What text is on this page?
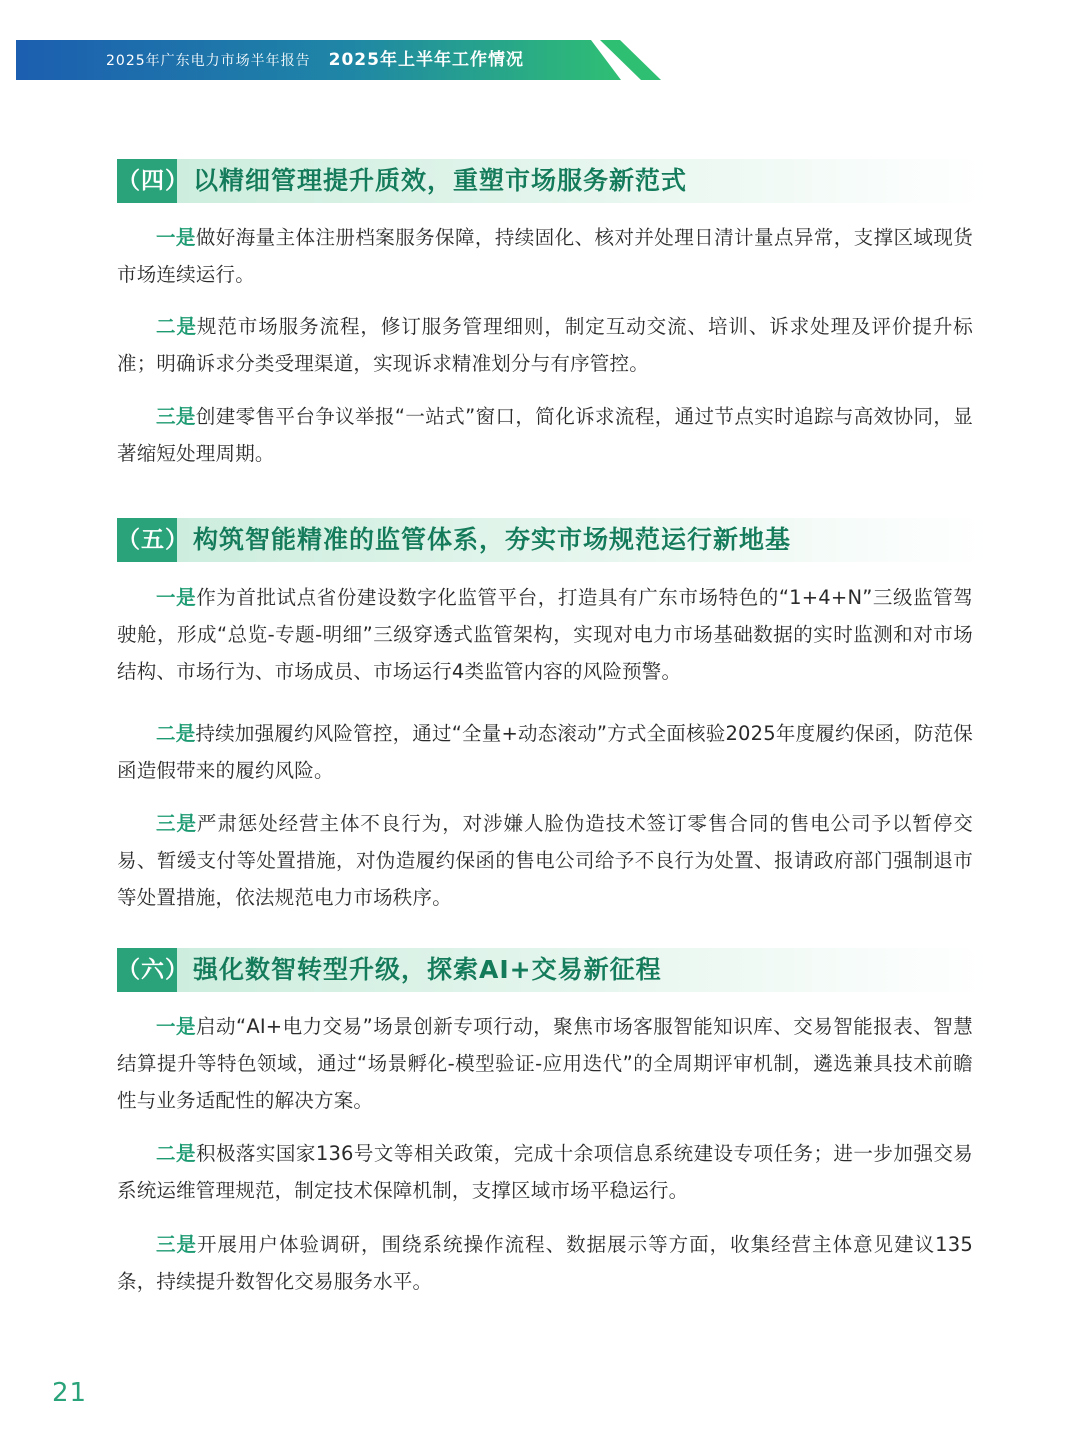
2025年广东电力市场半年报告 2025年上半年工作情况
（四） 以精细管理提升质效，重塑市场服务新范式

一是做好海量主体注册档案服务保障，持续固化、核对并处理日清计量点异常，支撑区域现货市场连续运行。

二是规范市场服务流程，修订服务管理细则，制定互动交流、培训、诉求处理及评价提升标准；明确诉求分类受理渠道，实现诉求精准划分与有序管控。

三是创建零售平台争议举报“一站式”窗口，简化诉求流程，通过节点实时追踪与高效协同，显著缩短处理周期。

（五） 构筑智能精准的监管体系，夯实市场规范运行新地基

一是作为首批试点省份建设数字化监管平台，打造具有广东市场特色的“1+4+N”三级监管驾驶舱，形成“总览-专题-明细”三级穿透式监管架构，实现对电力市场基础数据的实时监测和对市场结构、市场行为、市场成员、市场运行4类监管内容的风险预警。

二是持续加强履约风险管控，通过“全量+动态滚动”方式全面核验2025年度履约保函，防范保函造假带来的履约风险。

三是严肃惩处经营主体不良行为，对涉嫌人脸伪造技术签订零售合同的售电公司予以暂停交易、暂缓支付等处置措施，对伪造履约保函的售电公司给予不良行为处置、报请政府部门强制退市等处置措施，依法规范电力市场秩序。

（六） 强化数智转型升级，探索AI+交易新征程

一是启动“AI+电力交易”场景创新专项行动，聚焦市场客服智能知识库、交易智能报表、智慧结算提升等特色领域，通过“场景孵化-模型验证-应用迭代”的全周期评审机制，遴选兼具技术前瞻性与业务适配性的解决方案。

二是积极落实国家136号文等相关政策，完成十余项信息系统建设专项任务；进一步加强交易系统运维管理规范，制定技术保障机制，支撑区域市场平稳运行。

三是开展用户体验调研，围绕系统操作流程、数据展示等方面，收集经营主体意见建议135条，持续提升数智化交易服务水平。

21
